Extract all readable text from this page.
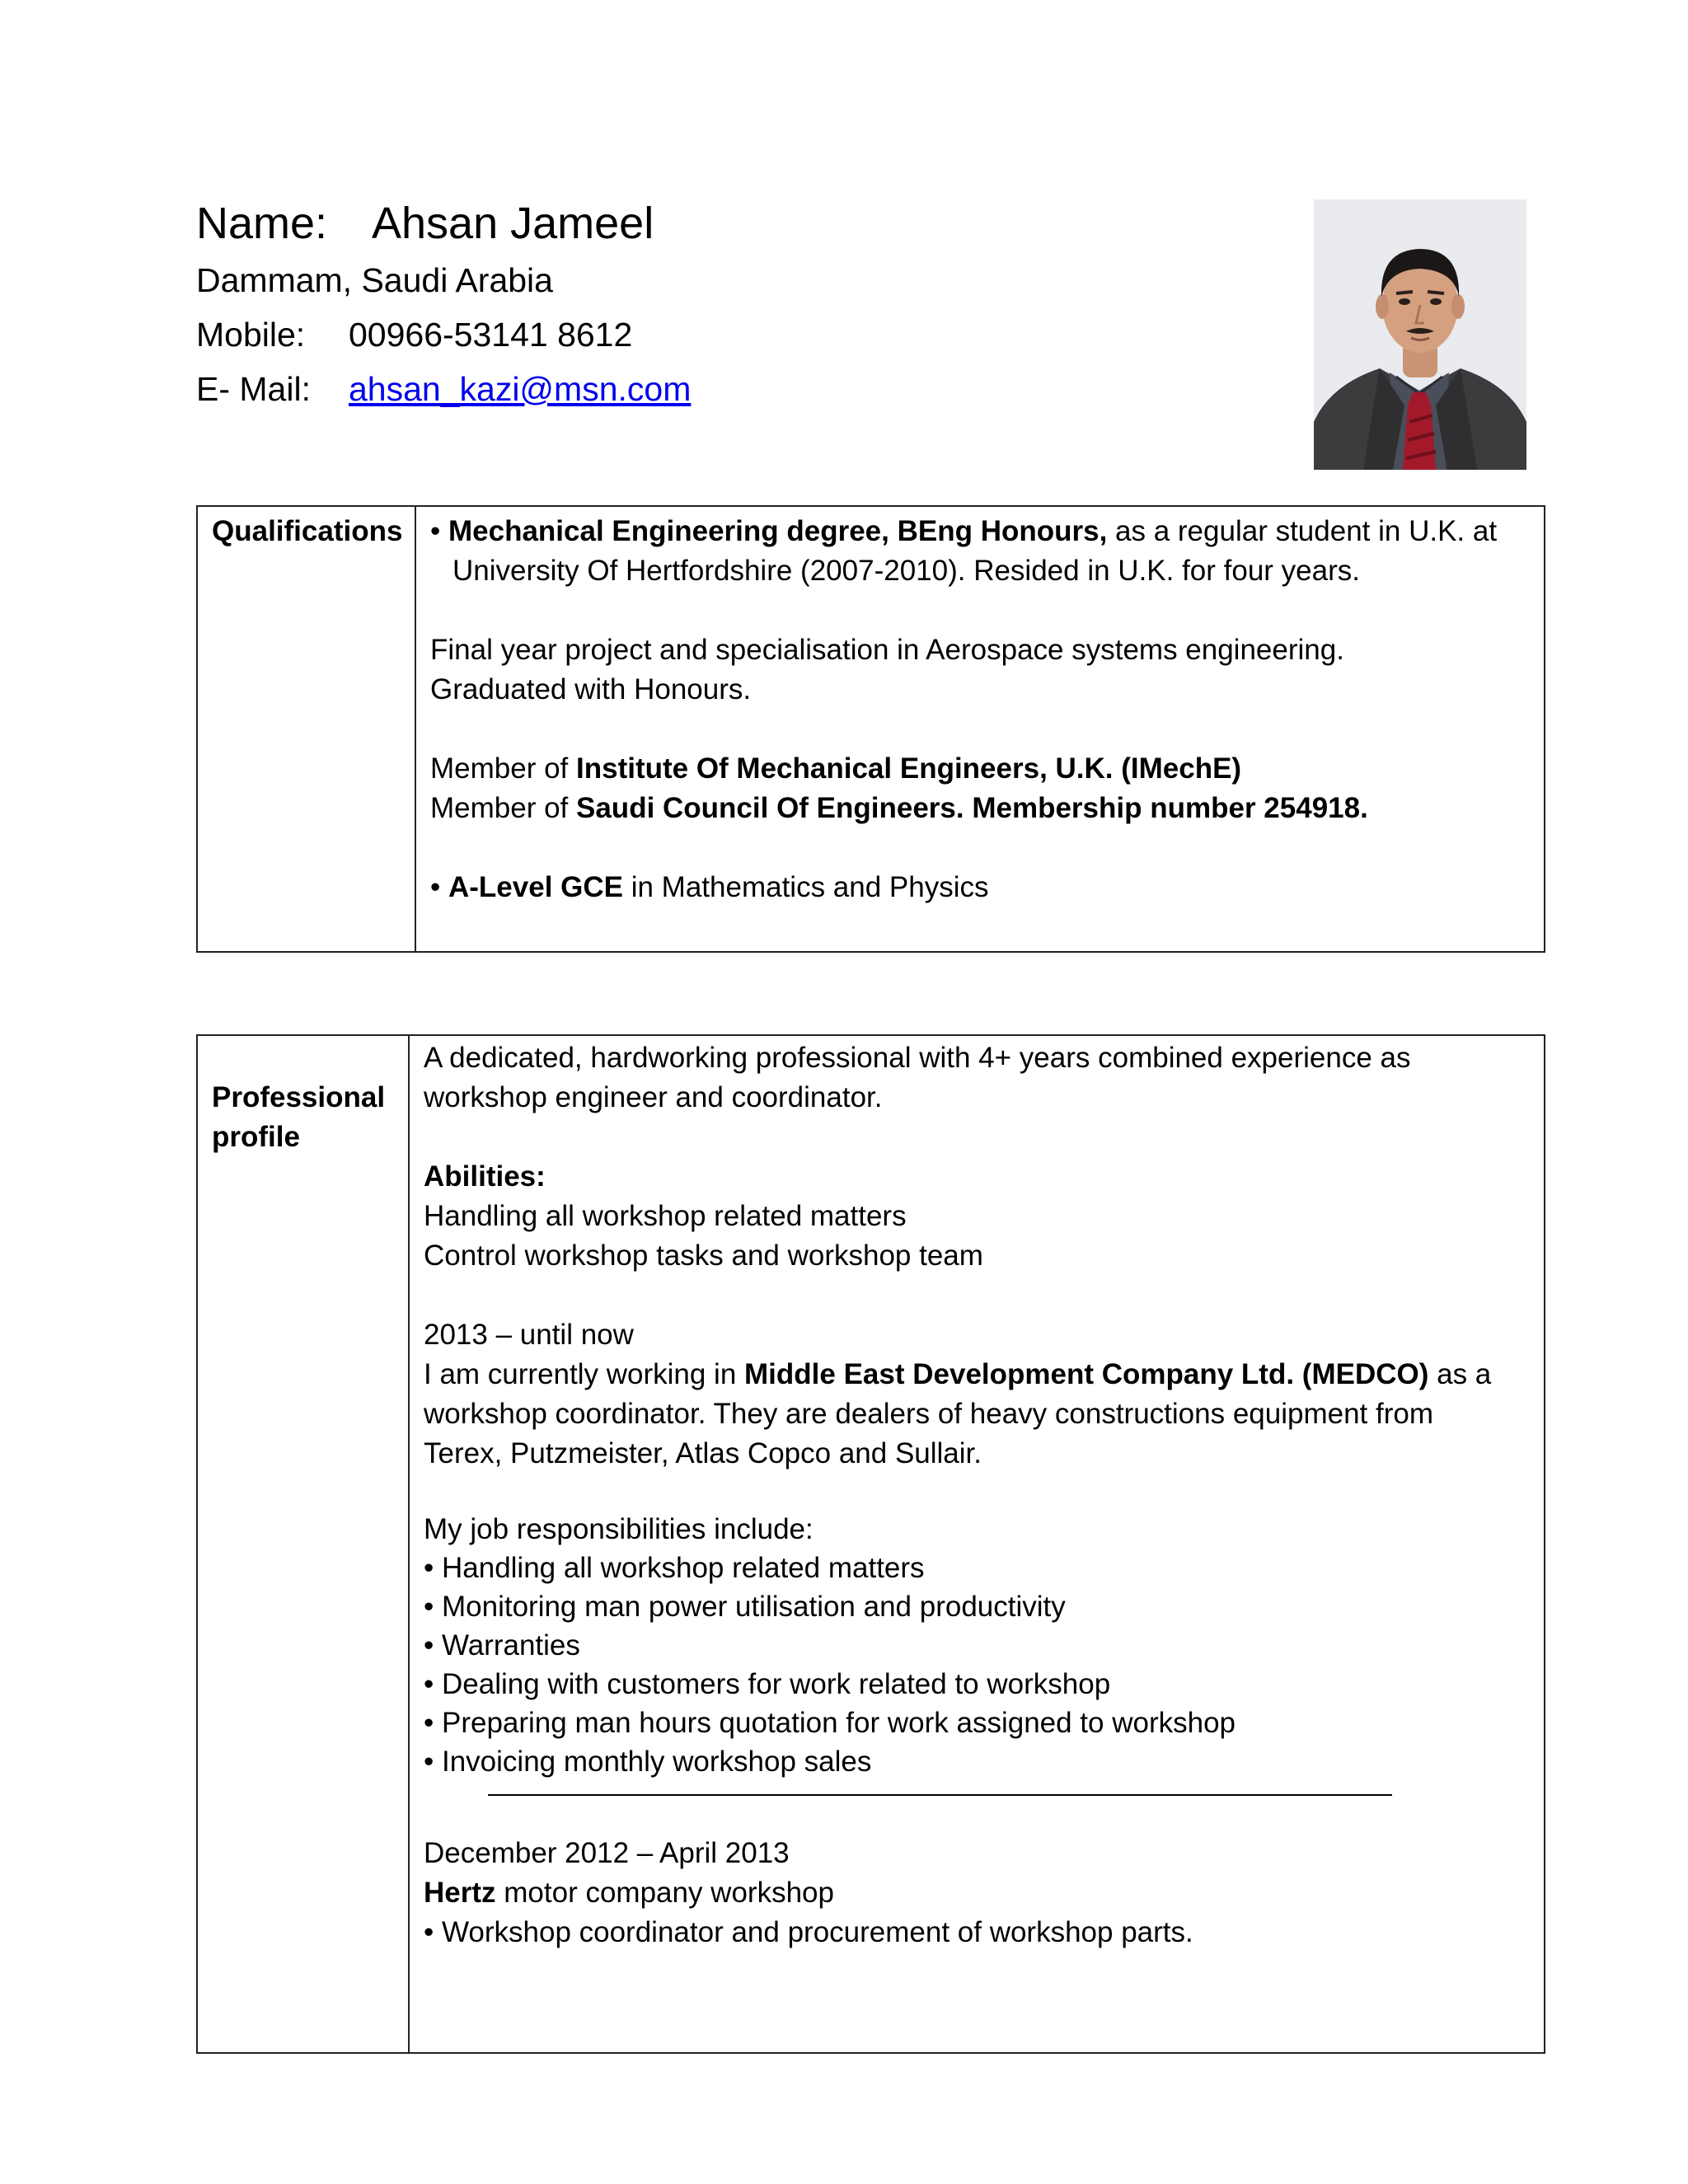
Name: Ahsan Jameel

Dammam, Saudi Arabia

Mobile: 00966-53141 8612

E- Mail: ahsan_kazi@msn.com

Qualifications • Mechanical Engineering degree, BEng Honours, as a regular student in U.K. at

University Of Hertfordshire (2007-2010). Resided in U.K. for four years.

Final year project and specialisation in Aerospace systems engineering.

Graduated with Honours.

Member of Institute Of Mechanical Engineers, U.K. (IMechE)

Member of Saudi Council Of Engineers. Membership number 254918.

• A-Level GCE in Mathematics and Physics

Professional

profile

A dedicated, hardworking professional with 4+ years combined experience as

workshop engineer and coordinator.

Abilities:

Handling all workshop related matters

Control workshop tasks and workshop team

2013 – until now

I am currently working in Middle East Development Company Ltd. (MEDCO) as a

workshop coordinator. They are dealers of heavy constructions equipment from

Terex, Putzmeister, Atlas Copco and Sullair.

My job responsibilities include:

• Handling all workshop related matters

• Monitoring man power utilisation and productivity

• Warranties

• Dealing with customers for work related to workshop

• Preparing man hours quotation for work assigned to workshop

• Invoicing monthly workshop sales

December 2012 – April 2013

Hertz motor company workshop

• Workshop coordinator and procurement of workshop parts.
